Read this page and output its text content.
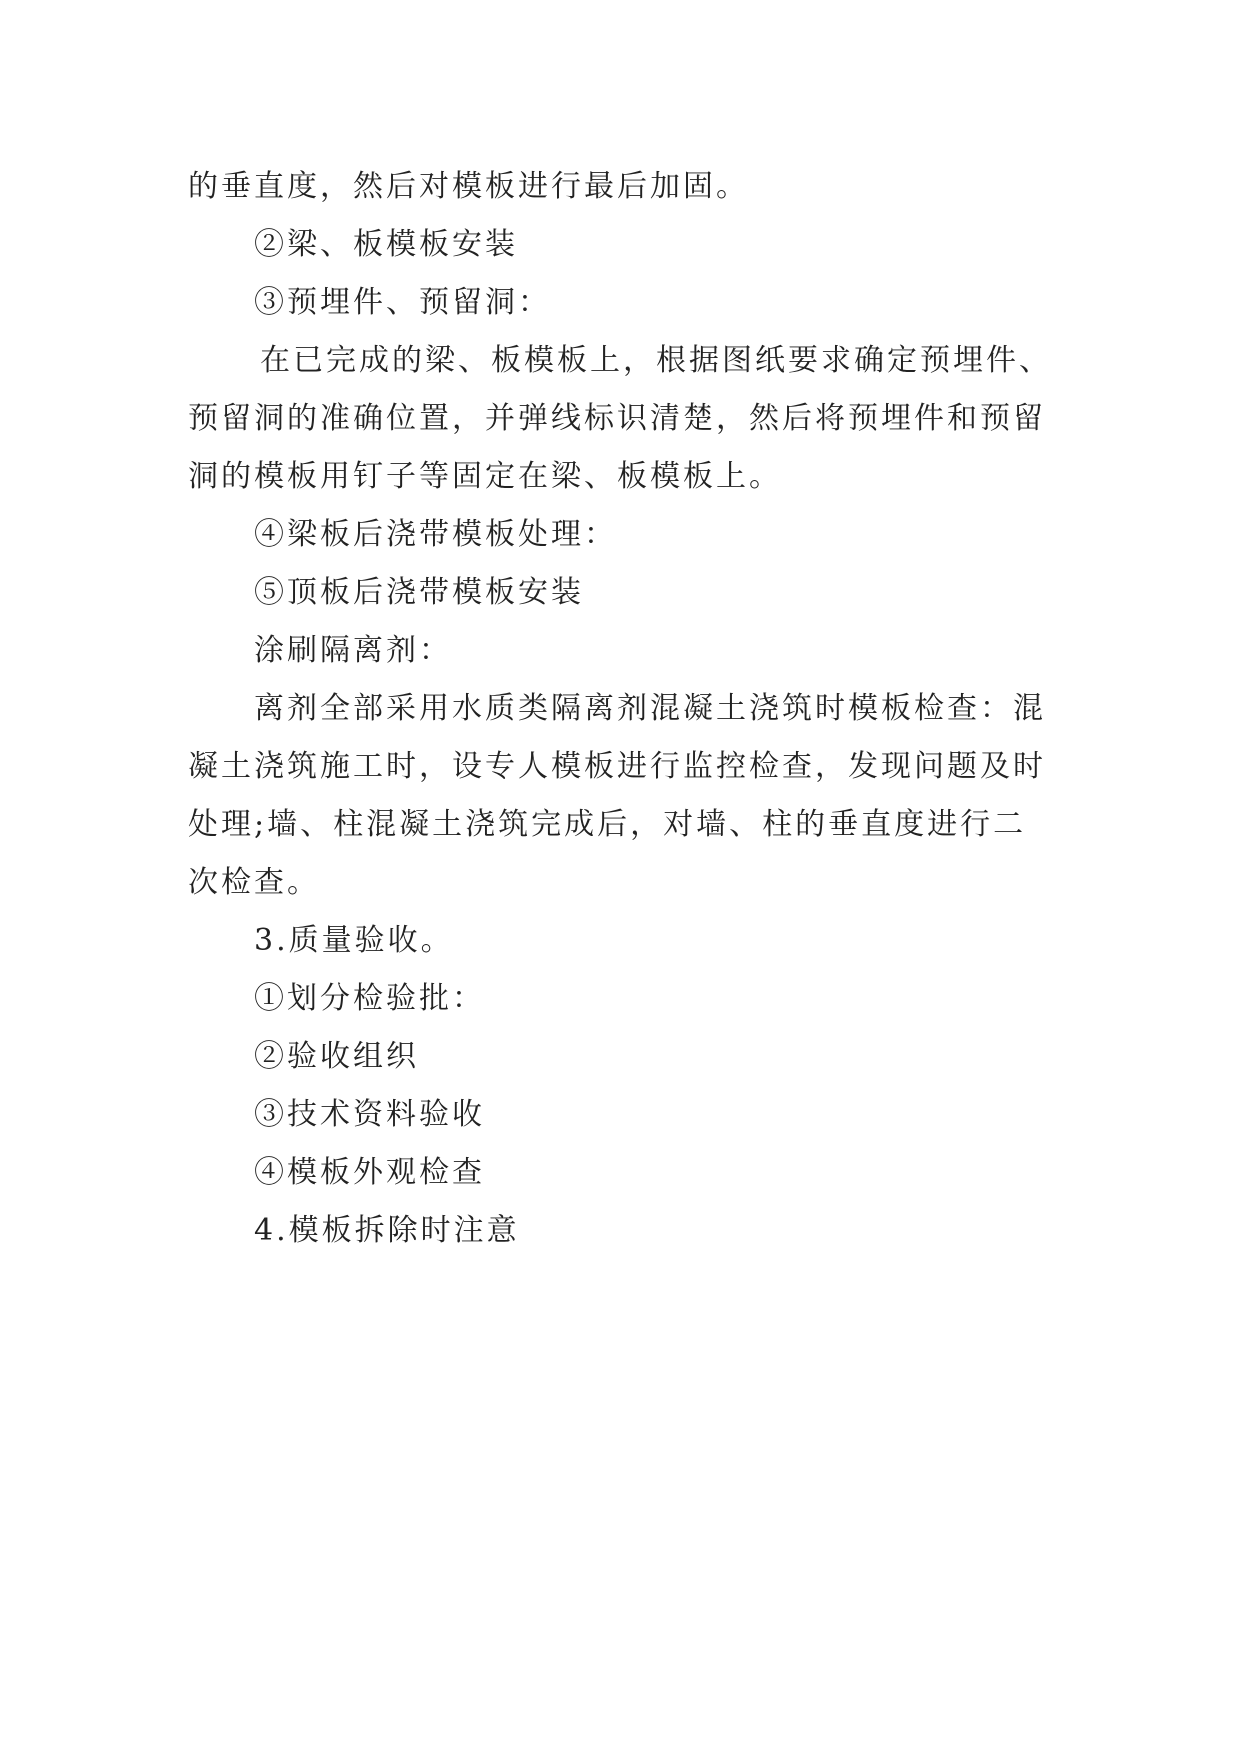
的垂直度，然后对模板进行最后加固。
②梁、板模板安装
③预埋件、预留洞：
在已完成的梁、板模板上，根据图纸要求确定预埋件、
预留洞的准确位置，并弹线标识清楚，然后将预埋件和预留
洞的模板用钉子等固定在梁、板模板上。
④梁板后浇带模板处理：
⑤顶板后浇带模板安装
涂刷隔离剂：
离剂全部采用水质类隔离剂混凝土浇筑时模板检查：混
凝土浇筑施工时，设专人模板进行监控检查，发现问题及时
处理;墙、柱混凝土浇筑完成后，对墙、柱的垂直度进行二
次检查。
3.质量验收。
①划分检验批：
②验收组织
③技术资料验收
④模板外观检查
4.模板拆除时注意
